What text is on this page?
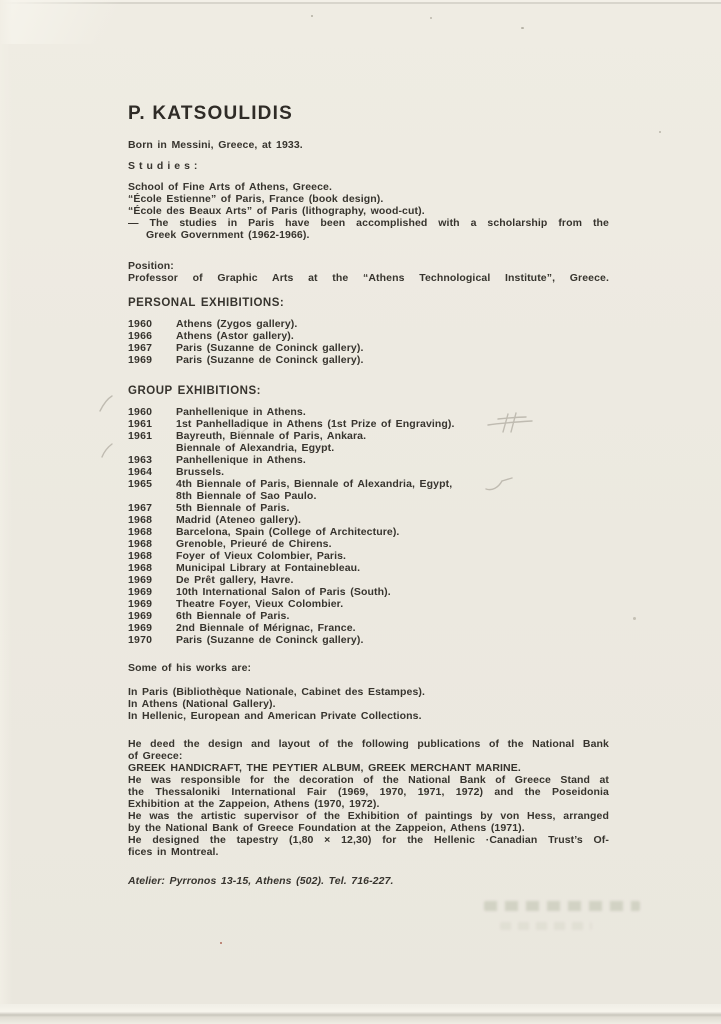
P. KATSOULIDIS
Born in Messini, Greece, at 1933.
Studies:
School of Fine Arts of Athens, Greece.
“École Estienne” of Paris, France (book design).
“École des Beaux Arts” of Paris (lithography, wood-cut).
— The studies in Paris have been accomplished with a scholarship from the
Greek Government (1962-1966).
Position:
Professor of Graphic Arts at the “Athens Technological Institute”, Greece.
PERSONAL EXHIBITIONS:
1960	Athens (Zygos gallery).
1966	Athens (Astor gallery).
1967	Paris (Suzanne de Coninck gallery).
1969	Paris (Suzanne de Coninck gallery).
GROUP EXHIBITIONS:
1960	Panhellenique in Athens.
1961	1st Panhelladique in Athens (1st Prize of Engraving).
1961	Bayreuth, Biennale of Paris, Ankara.
Biennale of Alexandria, Egypt.
1963	Panhellenique in Athens.
1964	Brussels.
1965	4th Biennale of Paris, Biennale of Alexandria, Egypt,
8th Biennale of Sao Paulo.
1967	5th Biennale of Paris.
1968	Madrid (Ateneo gallery).
1968	Barcelona, Spain (College of Architecture).
1968	Grenoble, Prieuré de Chirens.
1968	Foyer of Vieux Colombier, Paris.
1968	Municipal Library at Fontainebleau.
1969	De Prêt gallery, Havre.
1969	10th International Salon of Paris (South).
1969	Theatre Foyer, Vieux Colombier.
1969	6th Biennale of Paris.
1969	2nd Biennale of Mérignac, France.
1970	Paris (Suzanne de Coninck gallery).
Some of his works are:
In Paris (Bibliothèque Nationale, Cabinet des Estampes).
In Athens (National Gallery).
In Hellenic, European and American Private Collections.
He deed the design and layout of the following publications of the National Bank
of Greece:
GREEK HANDICRAFT, THE PEYTIER ALBUM, GREEK MERCHANT MARINE.
He was responsible for the decoration of the National Bank of Greece Stand at
the Thessaloniki International Fair (1969, 1970, 1971, 1972) and the Poseidonia
Exhibition at the Zappeion, Athens (1970, 1972).
He was the artistic supervisor of the Exhibition of paintings by von Hess, arranged
by the National Bank of Greece Foundation at the Zappeion, Athens (1971).
He designed the tapestry (1,80 × 12,30) for the Hellenic ·Canadian Trust’s Of-
fices in Montreal.
Atelier: Pyrronos 13-15, Athens (502). Tel. 716-227.
